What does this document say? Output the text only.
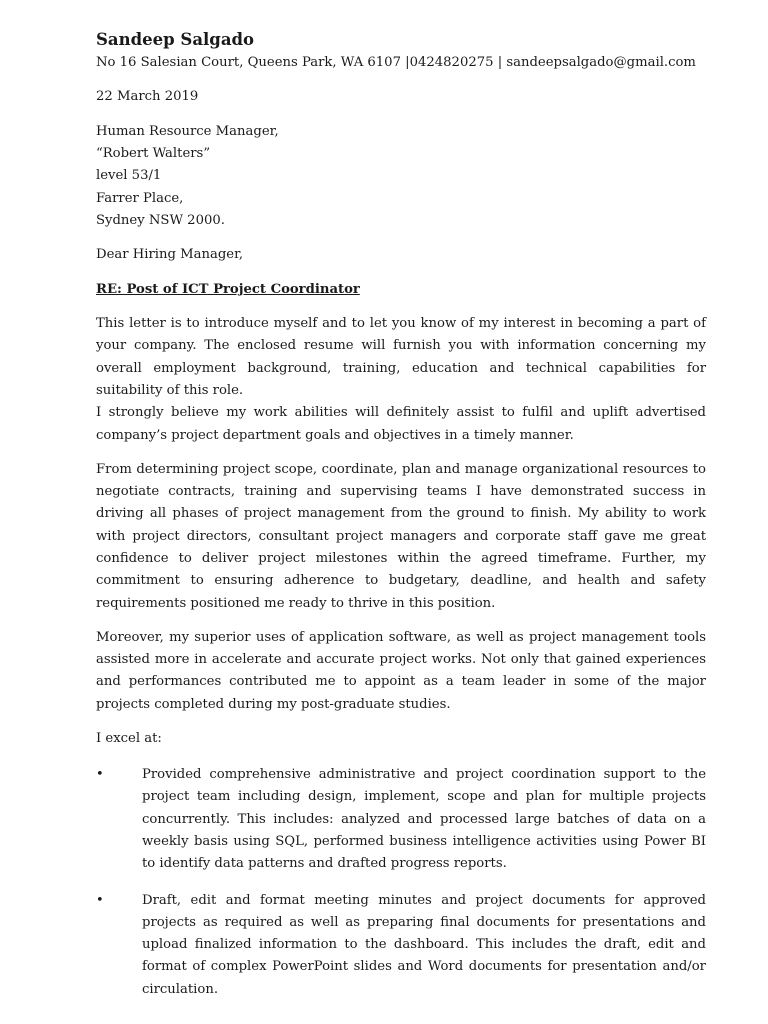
Sandeep Salgado

No 16 Salesian Court, Queens Park, WA 6107 |0424820275 | sandeepsalgado@gmail.com

22 March 2019

Human Resource Manager,
“Robert Walters”
level 53/1
Farrer Place,
Sydney NSW 2000.

Dear Hiring Manager,

RE: Post of ICT Project Coordinator

This letter is to introduce myself and to let you know of my interest in becoming a part of your company. The enclosed resume will furnish you with information concerning my overall employment background, training, education and technical capabilities for suitability of this role.

I strongly believe my work abilities will definitely assist to fulfil and uplift advertised company’s project department goals and objectives in a timely manner.

From determining project scope, coordinate, plan and manage organizational resources to negotiate contracts, training and supervising teams I have demonstrated success in driving all phases of project management from the ground to finish. My ability to work with project directors, consultant project managers and corporate staff gave me great confidence to deliver project milestones within the agreed timeframe. Further, my commitment to ensuring adherence to budgetary, deadline, and health and safety requirements positioned me ready to thrive in this position.

Moreover, my superior uses of application software, as well as project management tools assisted more in accelerate and accurate project works. Not only that gained experiences and performances contributed me to appoint as a team leader in some of the major projects completed during my post-graduate studies.

I excel at:

•	Provided comprehensive administrative and project coordination support to the project team including design, implement, scope and plan for multiple projects concurrently. This includes: analyzed and processed large batches of data on a weekly basis using SQL, performed business intelligence activities using Power BI to identify data patterns and drafted progress reports.
•	Draft, edit and format meeting minutes and project documents for approved projects as required as well as preparing final documents for presentations and upload finalized information to the dashboard. This includes the draft, edit and format of complex PowerPoint slides and Word documents for presentation and/or circulation.
